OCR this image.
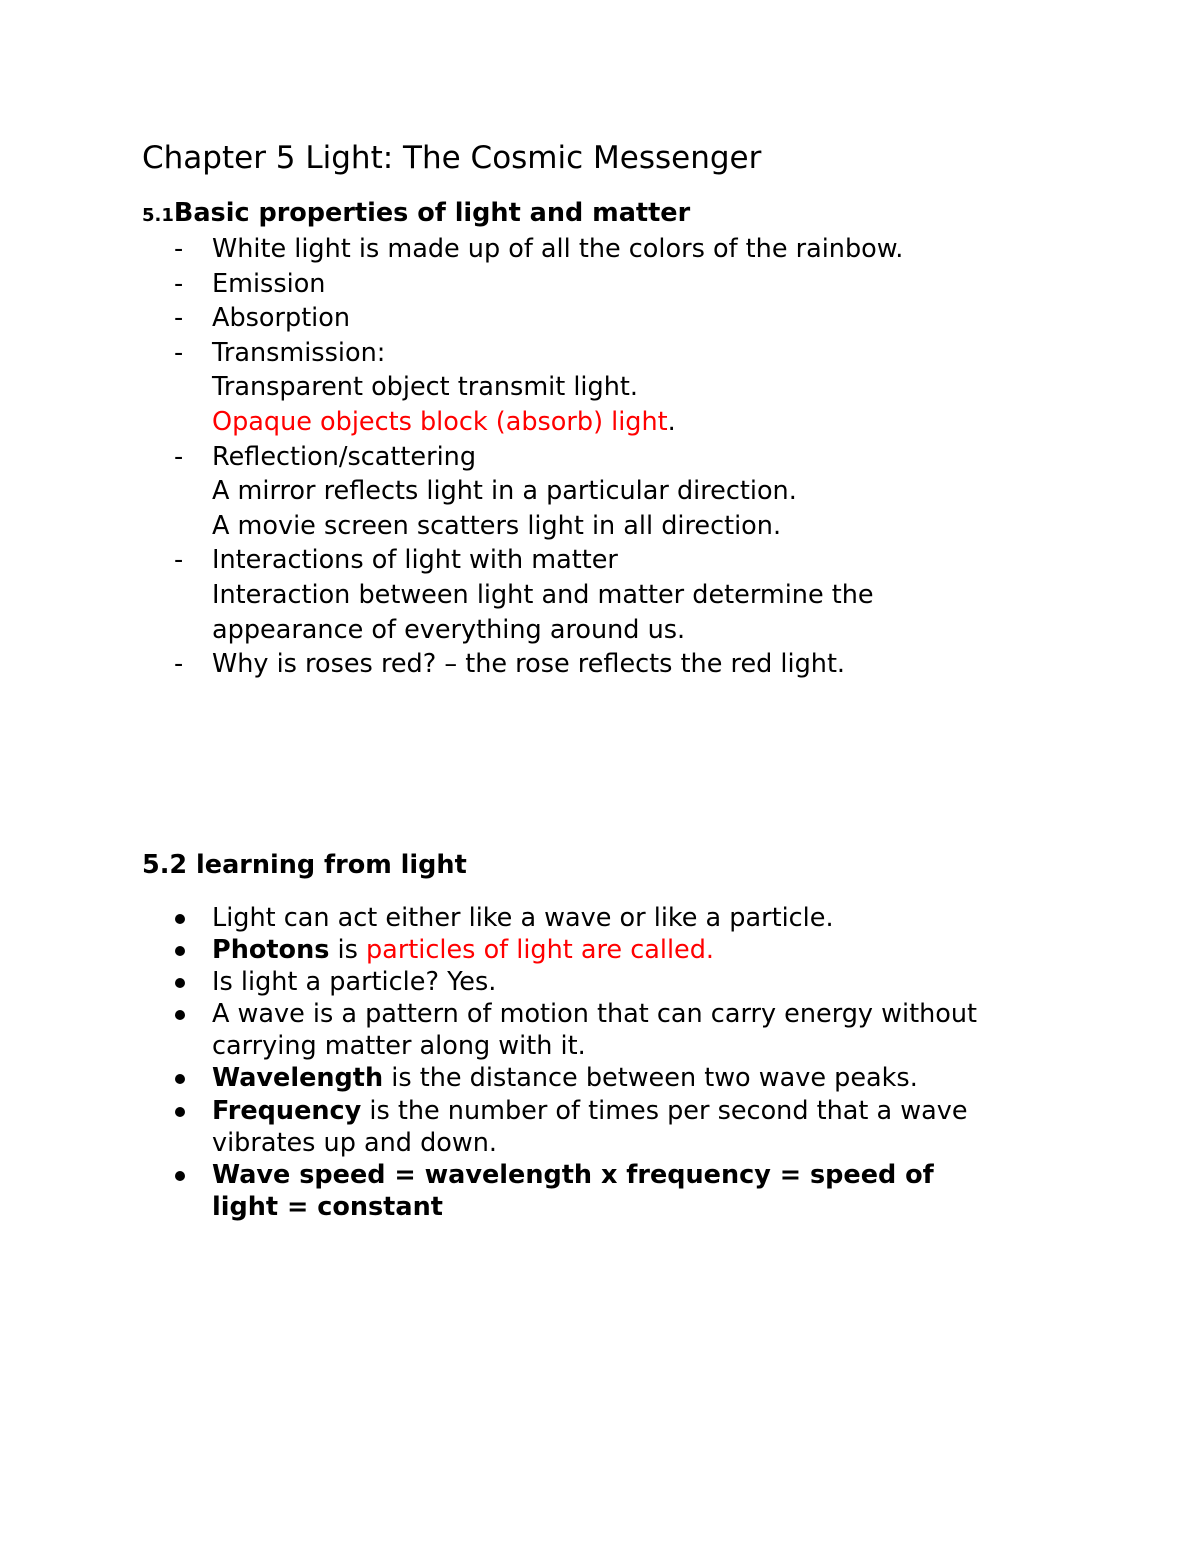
Chapter 5 Light: The Cosmic Messenger
5.1Basic properties of light and matter
- White light is made up of all the colors of the rainbow.
- Emission
- Absorption
- Transmission:
Transparent object transmit light.
Opaque objects block (absorb) light.
- Reflection/scattering
A mirror reflects light in a particular direction.
A movie screen scatters light in all direction.
- Interactions of light with matter
Interaction between light and matter determine the
appearance of everything around us.
- Why is roses red? – the rose reflects the red light.
5.2 learning from light
Light can act either like a wave or like a particle.
Photons is particles of light are called.
Is light a particle? Yes.
A wave is a pattern of motion that can carry energy without
carrying matter along with it.
Wavelength is the distance between two wave peaks.
Frequency is the number of times per second that a wave
vibrates up and down.
Wave speed = wavelength x frequency = speed of
light = constant
